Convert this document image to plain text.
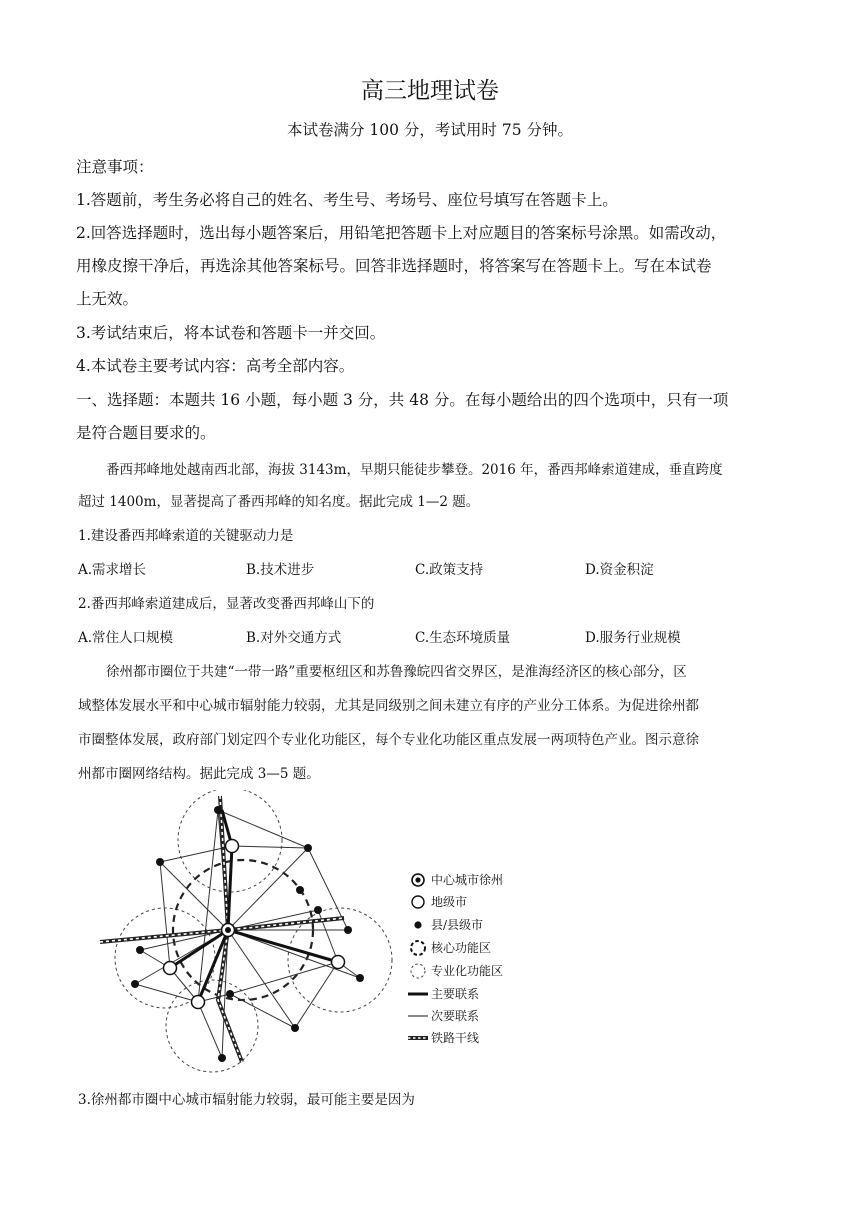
高三地理试卷
本试卷满分 100 分，考试用时 75 分钟。
注意事项：
1.答题前，考生务必将自己的姓名、考生号、考场号、座位号填写在答题卡上。
2.回答选择题时，选出每小题答案后，用铅笔把答题卡上对应题目的答案标号涂黑。如需改动，
用橡皮擦干净后，再选涂其他答案标号。回答非选择题时，将答案写在答题卡上。写在本试卷
上无效。
3.考试结束后，将本试卷和答题卡一并交回。
4.本试卷主要考试内容：高考全部内容。
一、选择题：本题共 16 小题，每小题 3 分，共 48 分。在每小题给出的四个选项中，只有一项
是符合题目要求的。
番西邦峰地处越南西北部，海拔 3143m，早期只能徒步攀登。2016 年，番西邦峰索道建成，垂直跨度
超过 1400m，显著提高了番西邦峰的知名度。据此完成 1—2 题。
1.建设番西邦峰索道的关键驱动力是
A.需求增长	B.技术进步	C.政策支持	D.资金积淀
2.番西邦峰索道建成后，显著改变番西邦峰山下的
A.常住人口规模	B.对外交通方式	C.生态环境质量	D.服务行业规模
徐州都市圈位于共建“一带一路”重要枢纽区和苏鲁豫皖四省交界区，是淮海经济区的核心部分，区
域整体发展水平和中心城市辐射能力较弱，尤其是同级别之间未建立有序的产业分工体系。为促进徐州都
市圈整体发展，政府部门划定四个专业化功能区，每个专业化功能区重点发展一两项特色产业。图示意徐
州都市圈网络结构。据此完成 3—5 题。
中心城市徐州
地级市
县/县级市
核心功能区
专业化功能区
主要联系
次要联系
铁路干线
3.徐州都市圈中心城市辐射能力较弱，最可能主要是因为
